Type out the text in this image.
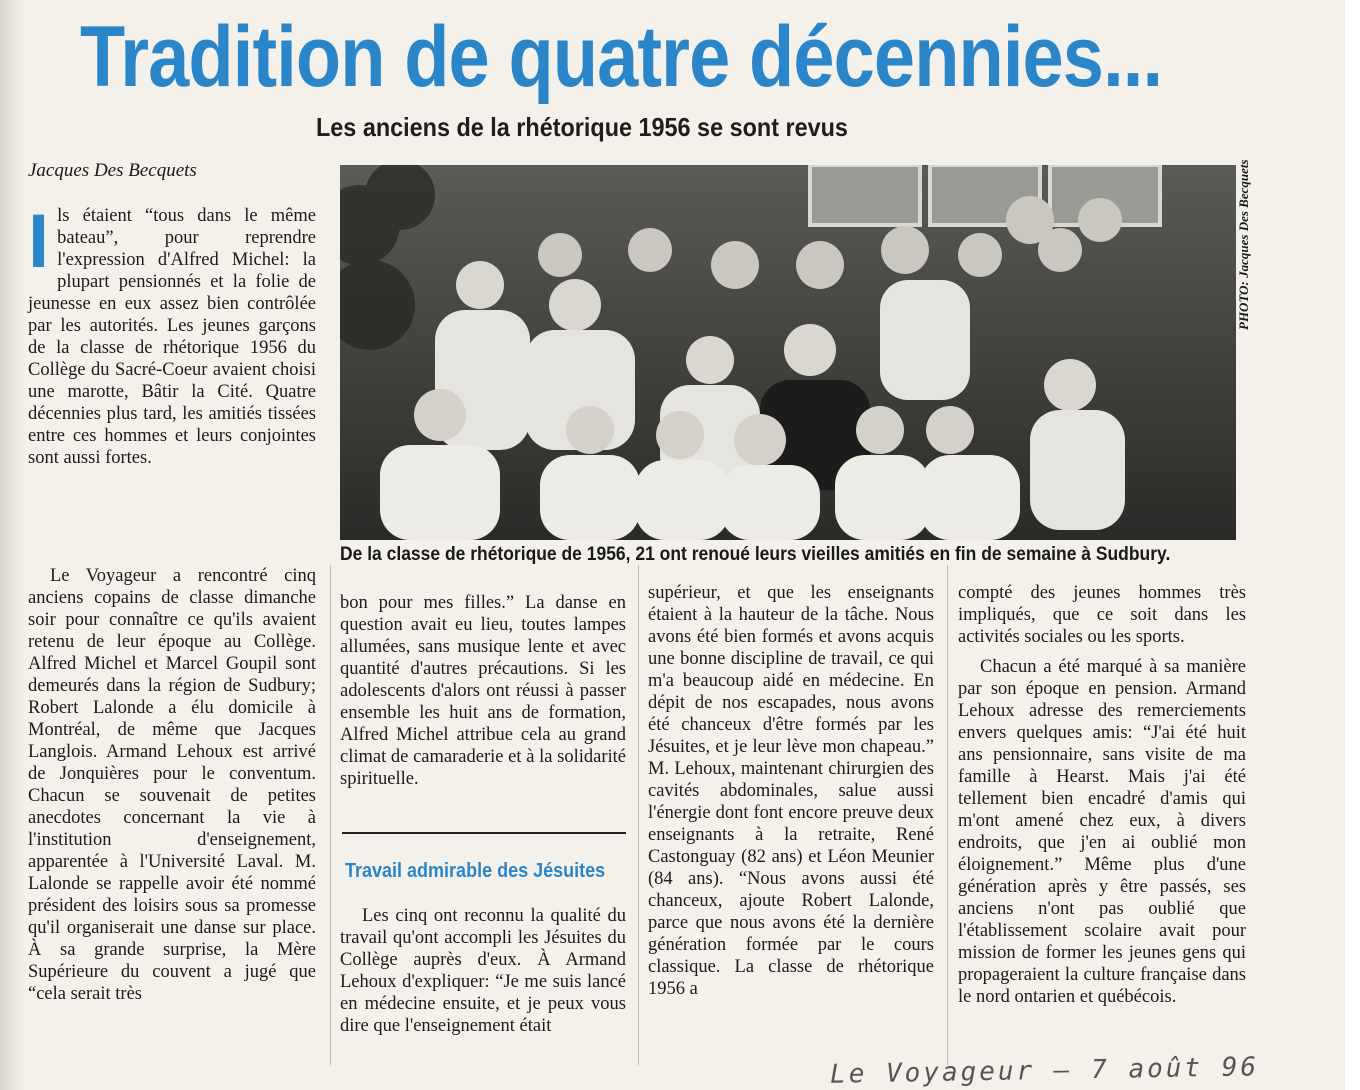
Tradition de quatre décennies...
Les anciens de la rhétorique 1956 se sont revus
Jacques Des Becquets

Ils étaient “tous dans le même bateau”, pour reprendre l'expression d'Alfred Michel: la plupart pensionnés et la folie de jeunesse en eux assez bien contrôlée par les autorités. Les jeunes garçons de la classe de rhétorique 1956 du Collège du Sacré-Coeur avaient choisi une marotte, Bâtir la Cité. Quatre décennies plus tard, les amitiés tissées entre ces hommes et leurs conjointes sont aussi fortes.

Le Voyageur a rencontré cinq anciens copains de classe dimanche soir pour connaître ce qu'ils avaient retenu de leur époque au Collège. Alfred Michel et Marcel Goupil sont demeurés dans la région de Sudbury; Robert Lalonde a élu domicile à Montréal, de même que Jacques Langlois. Armand Lehoux est arrivé de Jonquières pour le conventum. Chacun se souvenait de petites anecdotes concernant la vie à l'institution d'enseignement, apparentée à l'Université Laval. M. Lalonde se rappelle avoir été nommé président des loisirs sous sa promesse qu'il organiserait une danse sur place. À sa grande surprise, la Mère Supérieure du couvent a jugé que “cela serait très

PHOTO: Jacques Des Becquets
De la classe de rhétorique de 1956, 21 ont renoué leurs vieilles amitiés en fin de semaine à Sudbury.

bon pour mes filles.” La danse en question avait eu lieu, toutes lampes allumées, sans musique lente et avec quantité d'autres précautions. Si les adolescents d'alors ont réussi à passer ensemble les huit ans de formation, Alfred Michel attribue cela au grand climat de camaraderie et à la solidarité spirituelle.

Travail admirable des Jésuites

Les cinq ont reconnu la qualité du travail qu'ont accompli les Jésuites du Collège auprès d'eux. À Armand Lehoux d'expliquer: “Je me suis lancé en médecine ensuite, et je peux vous dire que l'enseignement était

supérieur, et que les enseignants étaient à la hauteur de la tâche. Nous avons été bien formés et avons acquis une bonne discipline de travail, ce qui m'a beaucoup aidé en médecine. En dépit de nos escapades, nous avons été chanceux d'être formés par les Jésuites, et je leur lève mon chapeau.” M. Lehoux, maintenant chirurgien des cavités abdominales, salue aussi l'énergie dont font encore preuve deux enseignants à la retraite, René Castonguay (82 ans) et Léon Meunier (84 ans). “Nous avons aussi été chanceux, ajoute Robert Lalonde, parce que nous avons été la dernière génération formée par le cours classique. La classe de rhétorique 1956 a

compté des jeunes hommes très impliqués, que ce soit dans les activités sociales ou les sports.

Chacun a été marqué à sa manière par son époque en pension. Armand Lehoux adresse des remerciements envers quelques amis: “J'ai été huit ans pensionnaire, sans visite de ma famille à Hearst. Mais j'ai été tellement bien encadré d'amis qui m'ont amené chez eux, à divers endroits, que j'en ai oublié mon éloignement.” Même plus d'une génération après y être passés, ses anciens n'ont pas oublié que l'établissement scolaire avait pour mission de former les jeunes gens qui propageraient la culture française dans le nord ontarien et québécois.

Le Voyageur — 7 août 96
